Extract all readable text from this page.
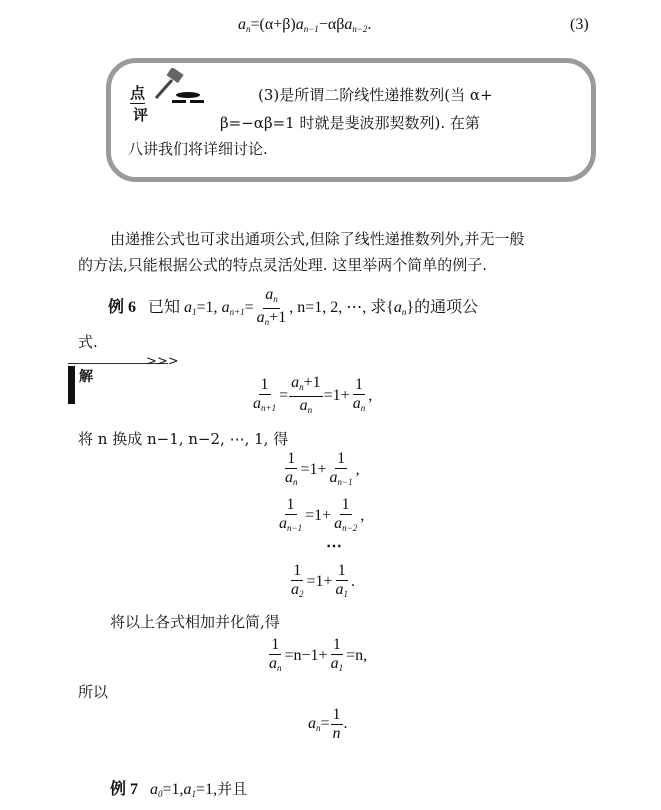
$a_n=(\alpha+\beta)a_{n-1}-\alpha\beta a_{n-2}$.	(3)
点
评
(3)是所谓二阶线性递推数列(当 α+
β=−αβ=1 时就是斐波那契数列). 在第
八讲我们将详细讨论.
由递推公式也可求出通项公式,但除了线性递推数列外,并无一般
的方法,只能根据公式的特点灵活处理. 这里举两个简单的例子.
例 6 已知 $a_1=1$, $a_{n+1}= \frac{a_n}{a_n+1}$ , n=1, 2, ⋯, 求$\{a_n\}$的通项公
式.
>>>
解	$\frac{1}{a_{n+1}} = \frac{a_n+1}{a_n} =1+ \frac{1}{a_n}$ ,
将 n 换成 n−1, n−2, ⋯, 1, 得
$\frac{1}{a_n} =1+ \frac{1}{a_{n-1}}$ ,
$\frac{1}{a_{n-1}} =1+ \frac{1}{a_{n-2}}$ ,
⋯
$\frac{1}{a_2} =1+ \frac{1}{a_1}$ .
将以上各式相加并化简,得
$\frac{1}{a_n} =n-1+ \frac{1}{a_1} =n$,
所以
$a_n= \frac{1}{n}$ .
例 7 $a_0=1,a_1=1$,并且
